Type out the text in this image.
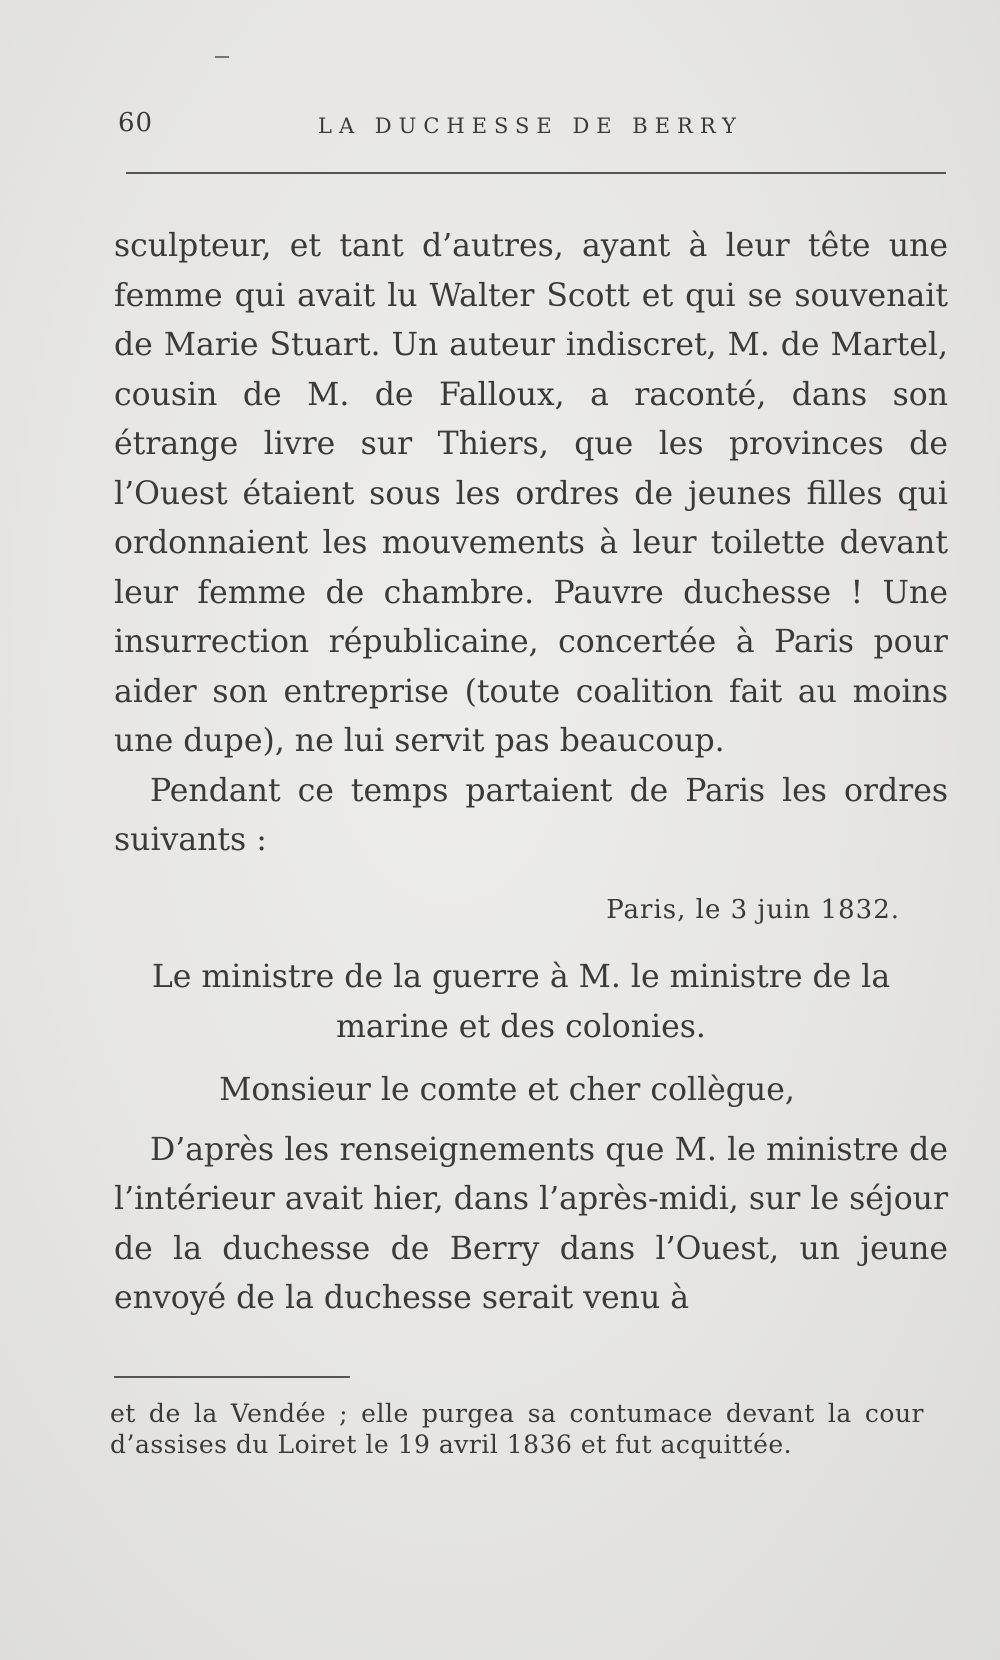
60	LA DUCHESSE DE BERRY

sculpteur, et tant d’autres, ayant à leur tête une femme qui avait lu Walter Scott et qui se souvenait de Marie Stuart. Un auteur indiscret, M. de Martel, cousin de M. de Falloux, a raconté, dans son étrange livre sur Thiers, que les provinces de l’Ouest étaient sous les ordres de jeunes filles qui ordonnaient les mouvements à leur toilette devant leur femme de chambre. Pauvre duchesse ! Une insurrection républicaine, concertée à Paris pour aider son entreprise (toute coalition fait au moins une dupe), ne lui servit pas beaucoup.

Pendant ce temps partaient de Paris les ordres suivants :

Paris, le 3 juin 1832.

Le ministre de la guerre à M. le ministre de la marine et des colonies.

Monsieur le comte et cher collègue,

D’après les renseignements que M. le ministre de l’intérieur avait hier, dans l’après-midi, sur le séjour de la duchesse de Berry dans l’Ouest, un jeune envoyé de la duchesse serait venu à

et de la Vendée ; elle purgea sa contumace devant la cour d’assises du Loiret le 19 avril 1836 et fut acquittée.
